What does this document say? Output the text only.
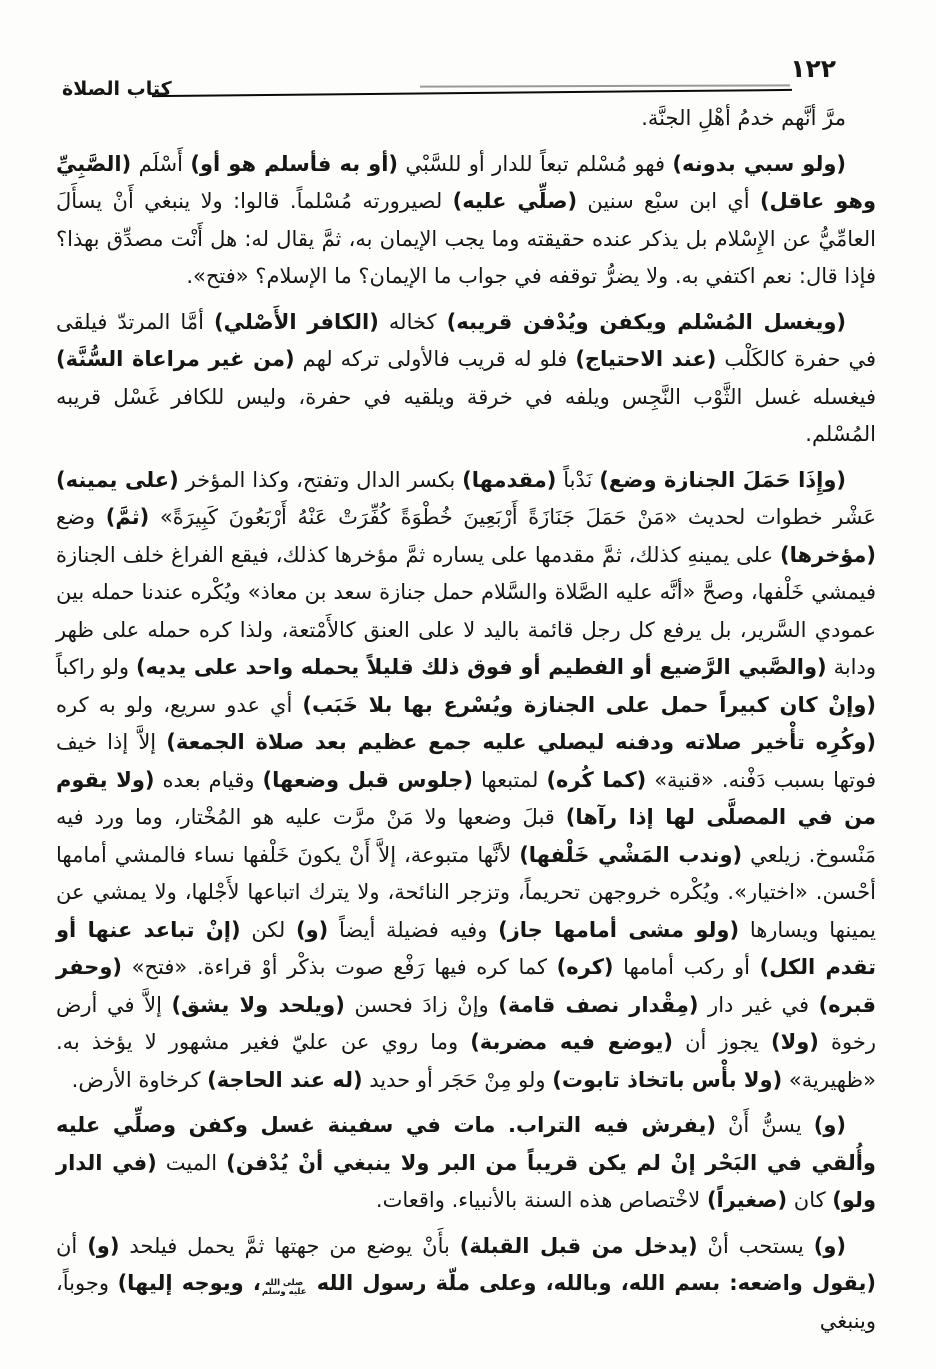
١٢٢
كتاب الصلاة

مرَّ أنَّهم خدمُ أهْلِ الجنَّة.

(ولو سبي بدونه) فهو مُسْلم تبعاً للدار أو للسَّبْي (أو به فأسلم هو أو) أَسْلَم (الصَّبِيِّ وهو عاقل) أي ابن سبْع سنين (صلِّي عليه) لصيرورته مُسْلماً. قالوا: ولا ينبغي أَنْ يسأَلَ العامِّيُّ عن الإِسْلام بل يذكر عنده حقيقته وما يجب الإيمان به، ثمَّ يقال له: هل أَنْت مصدِّق بهذا؟ فإذا قال: نعم اكتفي به. ولا يضرُّ توقفه في جواب ما الإيمان؟ ما الإسلام؟ «فتح».

(ويغسل المُسْلم ويكفن ويُدْفن قريبه) كخاله (الكافر الأَصْلي) أمَّا المرتدّ فيلقى في حفرة كالكَلْب (عند الاحتياج) فلو له قريب فالأولى تركه لهم (من غير مراعاة السُّنَّة) فيغسله غسل الثَّوْب النَّجِس ويلفه في خرقة ويلقيه في حفرة، وليس للكافر غَسْل قريبه المُسْلم.

(وإِذَا حَمَلَ الجنازة وضع) نَدْباً (مقدمها) بكسر الدال وتفتح، وكذا المؤخر (على يمينه) عَشْر خطوات لحديث «مَنْ حَمَلَ جَنَازَةً أَرْبَعِينَ خُطْوَةً كُفِّرَتْ عَنْهُ أَرْبَعُونَ كَبِيرَةً» (ثمَّ) وضع (مؤخرها) على يمينهِ كذلك، ثمَّ مقدمها على يساره ثمَّ مؤخرها كذلك، فيقع الفراغ خلف الجنازة فيمشي خَلْفها، وصحَّ «أنَّه عليه الصَّلاة والسَّلام حمل جنازة سعد بن معاذ» ويُكْره عندنا حمله بين عمودي السَّرير، بل يرفع كل رجل قائمة باليد لا على العنق كالأَمْتعة، ولذا كره حمله على ظهر ودابة (والصَّبي الرَّضيع أو الفطيم أو فوق ذلك قليلاً يحمله واحد على يديه) ولو راكباً (وإنْ كان كبيراً حمل على الجنازة ويُسْرع بها بلا خَبَب) أي عدو سريع، ولو به كره (وكُرِه تأْخير صلاته ودفنه ليصلي عليه جمع عظيم بعد صلاة الجمعة) إلاَّ إذا خيف فوتها بسبب دَفْنه. «قنية» (كما كُره) لمتبعها (جلوس قبل وضعها) وقيام بعده (ولا يقوم من في المصلَّى لها إذا رآها) قبلَ وضعها ولا مَنْ مرَّت عليه هو المُخْتار، وما ورد فيه مَنْسوخ. زيلعي (وندب المَشْي خَلْفها) لأنَّها متبوعة، إلاَّ أَنْ يكونَ خَلْفها نساء فالمشي أمامها أحْسن. «اختيار». ويُكْره خروجهن تحريماً، وتزجر النائحة، ولا يترك اتباعها لأَجْلها، ولا يمشي عن يمينها ويسارها (ولو مشى أمامها جاز) وفيه فضيلة أيضاً (و) لكن (إنْ تباعد عنها أو تقدم الكل) أو ركب أمامها (كره) كما كره فيها رَفْع صوت بذكْر أوْ قراءة. «فتح» (وحفر قبره) في غير دار (مِقْدار نصف قامة) وإنْ زادَ فحسن (ويلحد ولا يشق) إلاَّ في أرض رخوة (ولا) يجوز أن (يوضع فيه مضربة) وما روي عن عليّ فغير مشهور لا يؤخذ به. «ظهيرية» (ولا بأْس باتخاذ تابوت) ولو مِنْ حَجَر أو حديد (له عند الحاجة) كرخاوة الأرض.

(و) يسنُّ أَنْ (يفرش فيه التراب. مات في سفينة غسل وكفن وصلِّي عليه وأُلقي في البَحْر إنْ لم يكن قريباً من البر ولا ينبغي أنْ يُدْفن) الميت (في الدار ولو) كان (صغيراً) لاخْتصاص هذه السنة بالأنبياء. واقعات.

(و) يستحب أنْ (يدخل من قبل القبلة) بأَنْ يوضع من جهتها ثمَّ يحمل فيلحد (و) أن (يقول واضعه: بسم الله، وبالله، وعلى ملّة رسول الله
صلى الله
عليه وسلم
، ويوجه إليها) وجوباً، وينبغي
